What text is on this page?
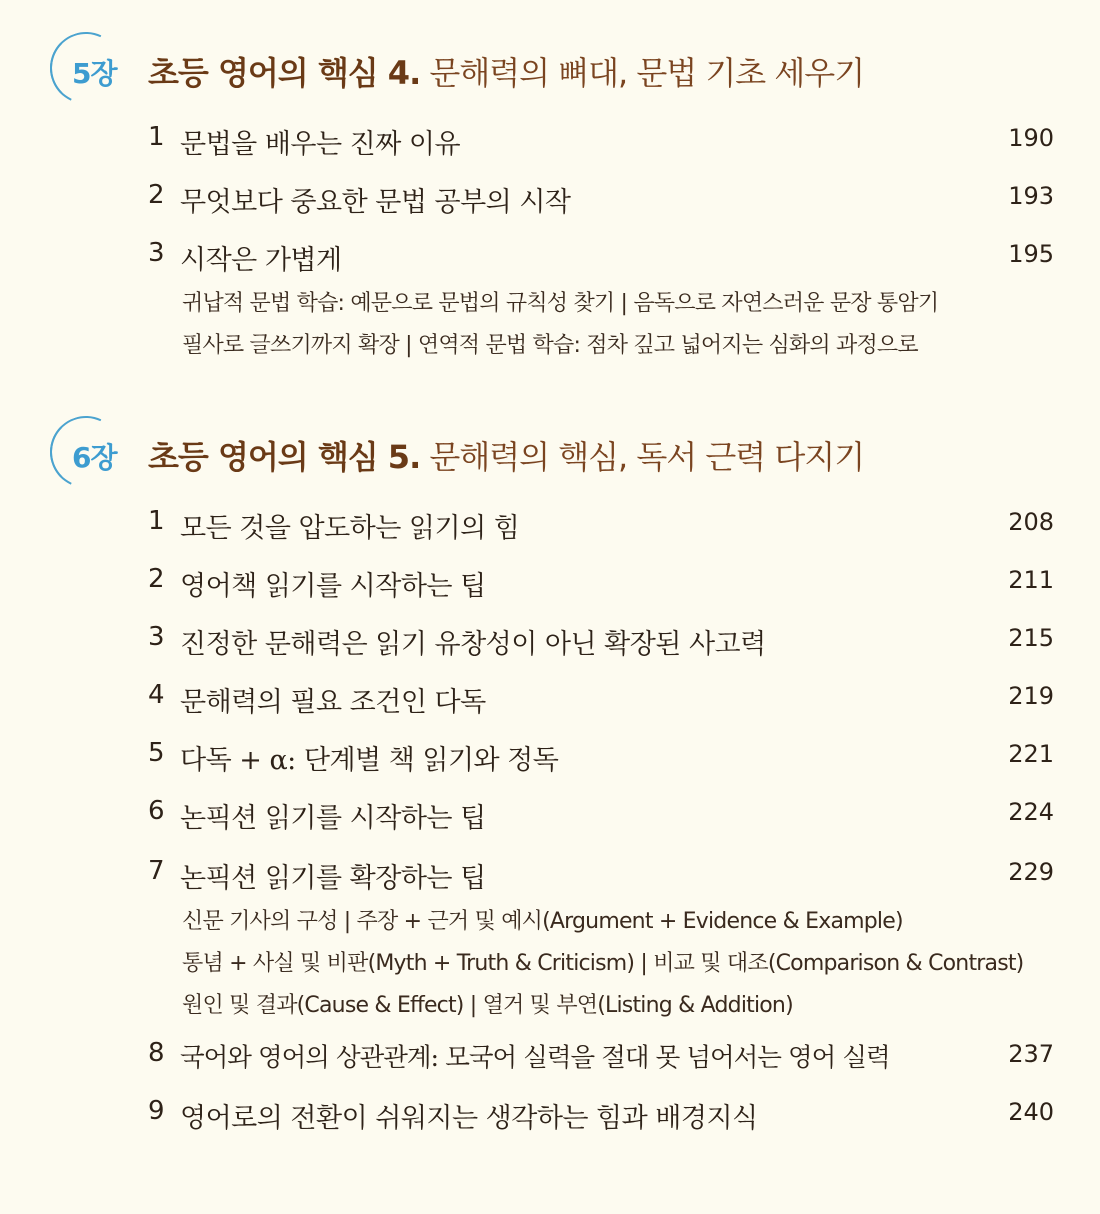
5장 초등 영어의 핵심 4. 문해력의 뼈대, 문법 기초 세우기
1 문법을 배우는 진짜 이유	190
2 무엇보다 중요한 문법 공부의 시작	193
3 시작은 가볍게	195
귀납적 문법 학습: 예문으로 문법의 규칙성 찾기 | 음독으로 자연스러운 문장 통암기
필사로 글쓰기까지 확장 | 연역적 문법 학습: 점차 깊고 넓어지는 심화의 과정으로
6장 초등 영어의 핵심 5. 문해력의 핵심, 독서 근력 다지기
1 모든 것을 압도하는 읽기의 힘	208
2 영어책 읽기를 시작하는 팁	211
3 진정한 문해력은 읽기 유창성이 아닌 확장된 사고력	215
4 문해력의 필요 조건인 다독	219
5 다독 + α: 단계별 책 읽기와 정독	221
6 논픽션 읽기를 시작하는 팁	224
7 논픽션 읽기를 확장하는 팁	229
신문 기사의 구성 | 주장 + 근거 및 예시(Argument + Evidence & Example)
통념 + 사실 및 비판(Myth + Truth & Criticism) | 비교 및 대조(Comparison & Contrast)
원인 및 결과(Cause & Effect) | 열거 및 부연(Listing & Addition)
8 국어와 영어의 상관관계: 모국어 실력을 절대 못 넘어서는 영어 실력	237
9 영어로의 전환이 쉬워지는 생각하는 힘과 배경지식	240
